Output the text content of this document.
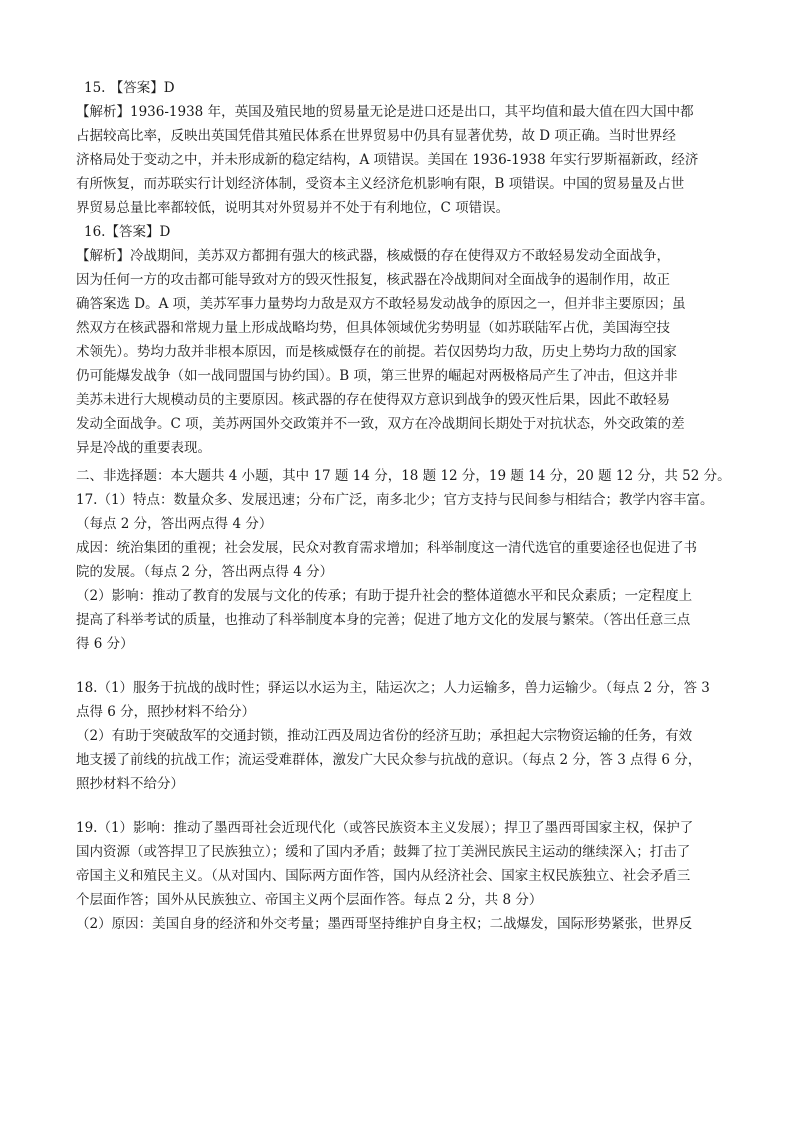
15. 【答案】D
【解析】1936-1938 年，英国及殖民地的贸易量无论是进口还是出口，其平均值和最大值在四大国中都
占据较高比率，反映出英国凭借其殖民体系在世界贸易中仍具有显著优势，故 D 项正确。当时世界经
济格局处于变动之中，并未形成新的稳定结构，A 项错误。美国在 1936-1938 年实行罗斯福新政，经济
有所恢复，而苏联实行计划经济体制，受资本主义经济危机影响有限，B 项错误。中国的贸易量及占世
界贸易总量比率都较低，说明其对外贸易并不处于有利地位，C 项错误。
16.【答案】D
【解析】冷战期间，美苏双方都拥有强大的核武器，核威慑的存在使得双方不敢轻易发动全面战争，
因为任何一方的攻击都可能导致对方的毁灭性报复，核武器在冷战期间对全面战争的遏制作用，故正
确答案选 D。A 项，美苏军事力量势均力敌是双方不敢轻易发动战争的原因之一，但并非主要原因；虽
然双方在核武器和常规力量上形成战略均势，但具体领域优劣势明显（如苏联陆军占优，美国海空技
术领先）。势均力敌并非根本原因，而是核威慑存在的前提。若仅因势均力敌，历史上势均力敌的国家
仍可能爆发战争（如一战同盟国与协约国）。B 项，第三世界的崛起对两极格局产生了冲击，但这并非
美苏未进行大规模动员的主要原因。核武器的存在使得双方意识到战争的毁灭性后果，因此不敢轻易
发动全面战争。C 项，美苏两国外交政策并不一致，双方在冷战期间长期处于对抗状态，外交政策的差
异是冷战的重要表现。
二、非选择题：本大题共 4 小题，其中 17 题 14 分，18 题 12 分，19 题 14 分，20 题 12 分，共 52 分。
17.（1）特点：数量众多、发展迅速；分布广泛，南多北少；官方支持与民间参与相结合；教学内容丰富。
（每点 2 分，答出两点得 4 分）
成因：统治集团的重视；社会发展，民众对教育需求增加；科举制度这一清代选官的重要途径也促进了书
院的发展。（每点 2 分，答出两点得 4 分）
（2）影响：推动了教育的发展与文化的传承；有助于提升社会的整体道德水平和民众素质；一定程度上
提高了科举考试的质量，也推动了科举制度本身的完善；促进了地方文化的发展与繁荣。（答出任意三点
得 6 分）
18.（1）服务于抗战的战时性；驿运以水运为主，陆运次之；人力运输多，兽力运输少。（每点 2 分，答 3
点得 6 分，照抄材料不给分）
（2）有助于突破敌军的交通封锁，推动江西及周边省份的经济互助；承担起大宗物资运输的任务，有效
地支援了前线的抗战工作；流运受难群体，激发广大民众参与抗战的意识。（每点 2 分，答 3 点得 6 分，
照抄材料不给分）
19.（1）影响：推动了墨西哥社会近现代化（或答民族资本主义发展）；捍卫了墨西哥国家主权，保护了
国内资源（或答捍卫了民族独立）；缓和了国内矛盾；鼓舞了拉丁美洲民族民主运动的继续深入；打击了
帝国主义和殖民主义。（从对国内、国际两方面作答，国内从经济社会、国家主权民族独立、社会矛盾三
个层面作答；国外从民族独立、帝国主义两个层面作答。每点 2 分，共 8 分）
（2）原因：美国自身的经济和外交考量；墨西哥坚持维护自身主权；二战爆发，国际形势紧张，世界反
